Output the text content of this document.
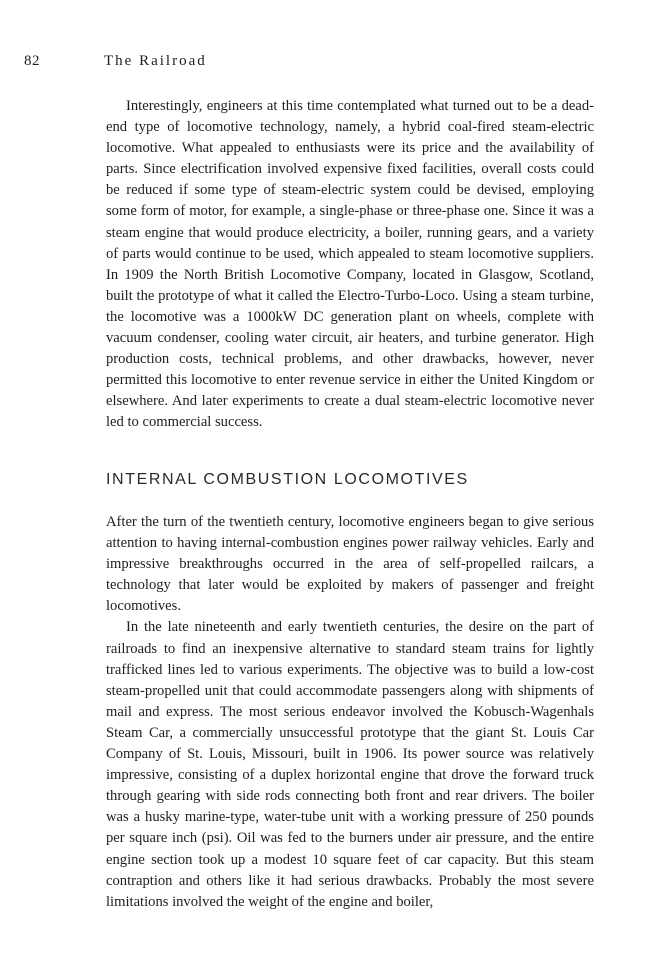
82	The Railroad

Interestingly, engineers at this time contemplated what turned out to be a dead-end type of locomotive technology, namely, a hybrid coal-fired steam-electric locomotive. What appealed to enthusiasts were its price and the availability of parts. Since electrification involved expensive fixed facilities, overall costs could be reduced if some type of steam-electric system could be devised, employing some form of motor, for example, a single-phase or three-phase one. Since it was a steam engine that would produce electricity, a boiler, running gears, and a variety of parts would continue to be used, which appealed to steam locomotive suppliers. In 1909 the North British Locomotive Company, located in Glasgow, Scotland, built the prototype of what it called the Electro-Turbo-Loco. Using a steam turbine, the locomotive was a 1000kW DC generation plant on wheels, complete with vacuum condenser, cooling water circuit, air heaters, and turbine generator. High production costs, technical problems, and other drawbacks, however, never permitted this locomotive to enter revenue service in either the United Kingdom or elsewhere. And later experiments to create a dual steam-electric locomotive never led to commercial success.

INTERNAL COMBUSTION LOCOMOTIVES

After the turn of the twentieth century, locomotive engineers began to give serious attention to having internal-combustion engines power railway vehicles. Early and impressive breakthroughs occurred in the area of self-propelled railcars, a technology that later would be exploited by makers of passenger and freight locomotives.

In the late nineteenth and early twentieth centuries, the desire on the part of railroads to find an inexpensive alternative to standard steam trains for lightly trafficked lines led to various experiments. The objective was to build a low-cost steam-propelled unit that could accommodate passengers along with shipments of mail and express. The most serious endeavor involved the Kobusch-Wagenhals Steam Car, a commercially unsuccessful prototype that the giant St. Louis Car Company of St. Louis, Missouri, built in 1906. Its power source was relatively impressive, consisting of a duplex horizontal engine that drove the forward truck through gearing with side rods connecting both front and rear drivers. The boiler was a husky marine-type, water-tube unit with a working pressure of 250 pounds per square inch (psi). Oil was fed to the burners under air pressure, and the entire engine section took up a modest 10 square feet of car capacity. But this steam contraption and others like it had serious drawbacks. Probably the most severe limitations involved the weight of the engine and boiler,
